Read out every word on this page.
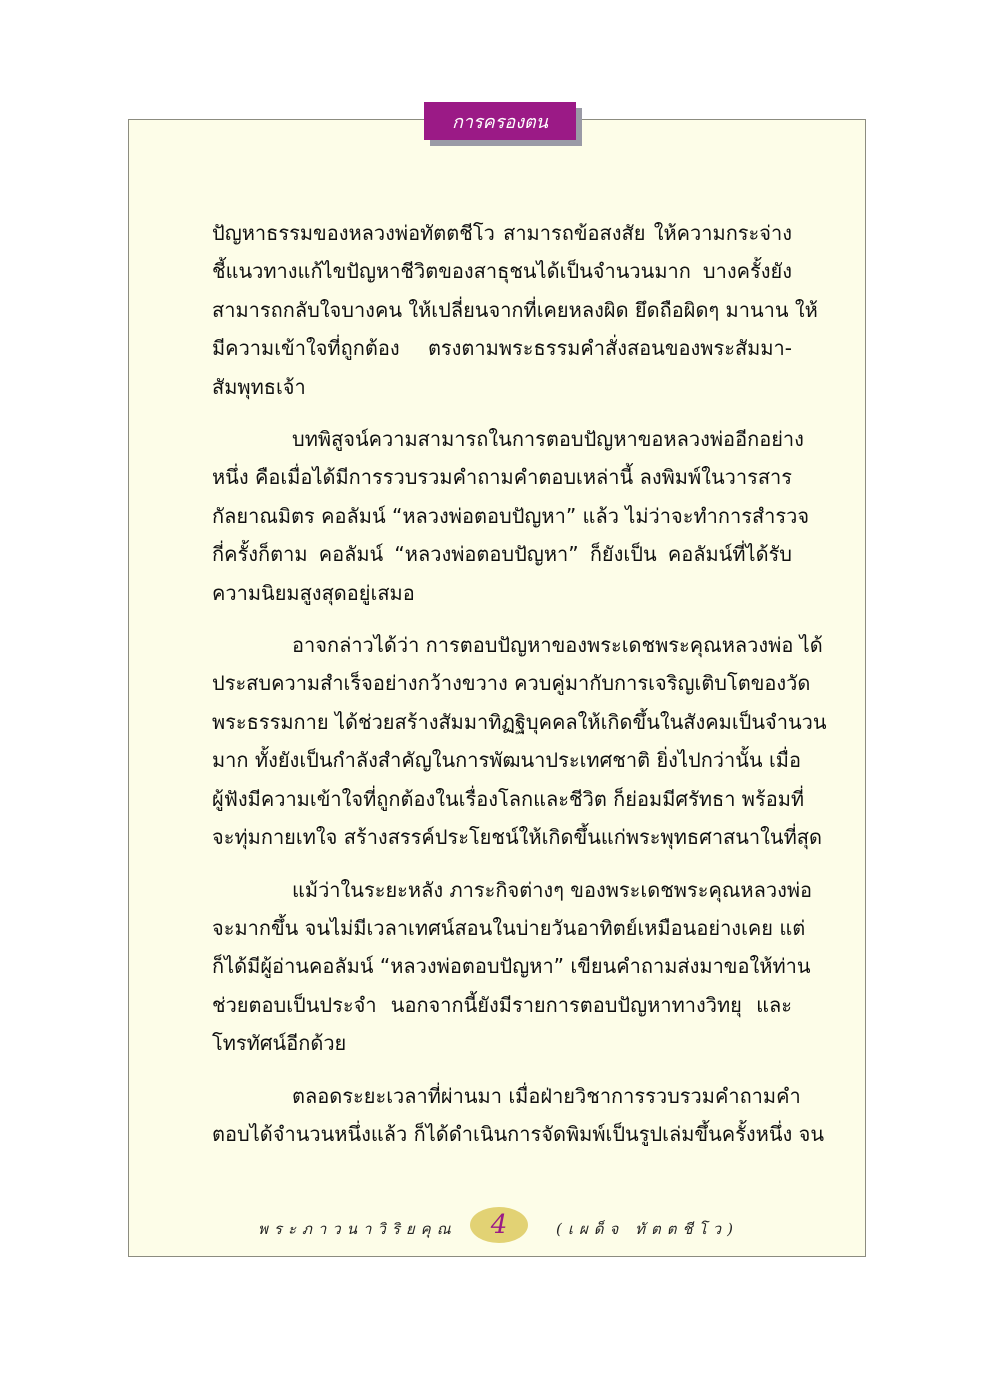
การครองตน

ปัญหาธรรมของหลวงพ่อทัตตชีโว สามารถข้อสงสัย ให้ความกระจ่าง
ชี้แนวทางแก้ไขปัญหาชีวิตของสาธุชนได้เป็นจำนวนมาก บางครั้งยัง
สามารถกลับใจบางคน ให้เปลี่ยนจากที่เคยหลงผิด ยึดถือผิดๆ มานาน ให้
มีความเข้าใจที่ถูกต้อง ตรงตามพระธรรมคำสั่งสอนของพระสัมมา-
สัมพุทธเจ้า

บทพิสูจน์ความสามารถในการตอบปัญหาขอหลวงพ่ออีกอย่าง
หนึ่ง คือเมื่อได้มีการรวบรวมคำถามคำตอบเหล่านี้ ลงพิมพ์ในวารสาร
กัลยาณมิตร คอลัมน์ “หลวงพ่อตอบปัญหา” แล้ว ไม่ว่าจะทำการสำรวจ
กี่ครั้งก็ตาม คอลัมน์ “หลวงพ่อตอบปัญหา” ก็ยังเป็น คอลัมน์ที่ได้รับ
ความนิยมสูงสุดอยู่เสมอ

อาจกล่าวได้ว่า การตอบปัญหาของพระเดชพระคุณหลวงพ่อ ได้
ประสบความสำเร็จอย่างกว้างขวาง ควบคู่มากับการเจริญเติบโตของวัด
พระธรรมกาย ได้ช่วยสร้างสัมมาทิฏฐิบุคคลให้เกิดขึ้นในสังคมเป็นจำนวน
มาก ทั้งยังเป็นกำลังสำคัญในการพัฒนาประเทศชาติ ยิ่งไปกว่านั้น เมื่อ
ผู้ฟังมีความเข้าใจที่ถูกต้องในเรื่องโลกและชีวิต ก็ย่อมมีศรัทธา พร้อมที่
จะทุ่มกายเทใจ สร้างสรรค์ประโยชน์ให้เกิดขึ้นแก่พระพุทธศาสนาในที่สุด

แม้ว่าในระยะหลัง ภาระกิจต่างๆ ของพระเดชพระคุณหลวงพ่อ
จะมากขึ้น จนไม่มีเวลาเทศน์สอนในบ่ายวันอาทิตย์เหมือนอย่างเคย แต่
ก็ได้มีผู้อ่านคอลัมน์ “หลวงพ่อตอบปัญหา” เขียนคำถามส่งมาขอให้ท่าน
ช่วยตอบเป็นประจำ นอกจากนี้ยังมีรายการตอบปัญหาทางวิทยุ และ
โทรทัศน์อีกด้วย

ตลอดระยะเวลาที่ผ่านมา เมื่อฝ่ายวิชาการรวบรวมคำถามคำ
ตอบได้จำนวนหนึ่งแล้ว ก็ได้ดำเนินการจัดพิมพ์เป็นรูปเล่มขึ้นครั้งหนึ่ง จน

พระภาวนาวิริยคุณ 4	(เผด็จ ทัตตชีโว)
